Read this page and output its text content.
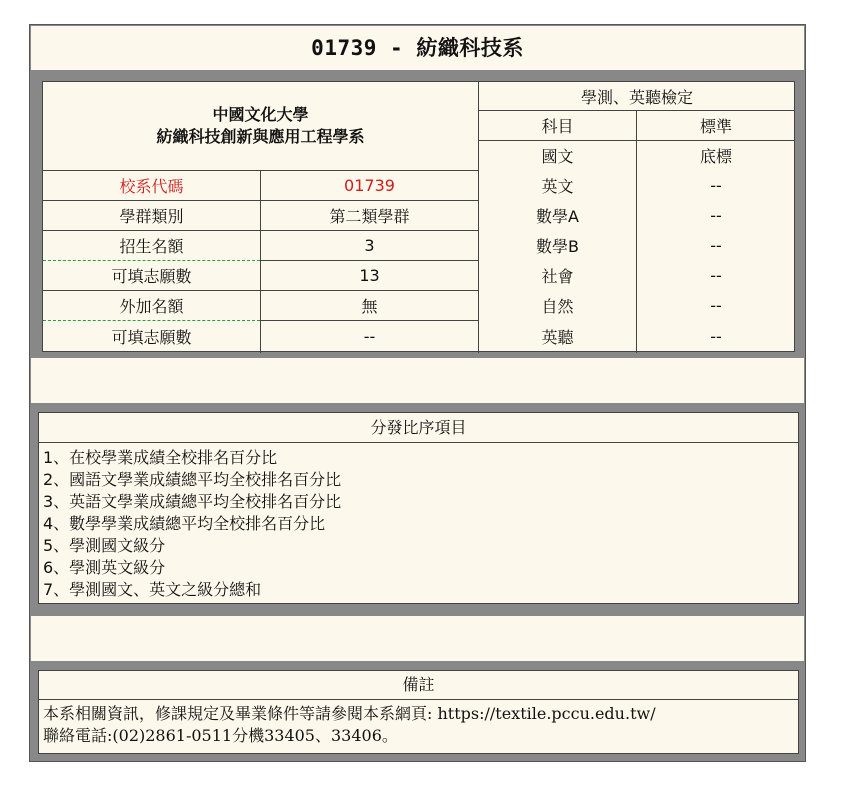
01739 - 紡織科技系
中國文化大學
紡織科技創新與應用工程學系
校系代碼	01739
學群類別	第二類學群
招生名額	3
可填志願數	13
外加名額	無
可填志願數	--
學測、英聽檢定
科目	標準
國文	底標
英文	--
數學A	--
數學B	--
社會	--
自然	--
英聽	--
分發比序項目
1、在校學業成績全校排名百分比
2、國語文學業成績總平均全校排名百分比
3、英語文學業成績總平均全校排名百分比
4、數學學業成績總平均全校排名百分比
5、學測國文級分
6、學測英文級分
7、學測國文、英文之級分總和
備註
本系相關資訊，修課規定及畢業條件等請參閱本系網頁: https://textile.pccu.edu.tw/
聯絡電話:(02)2861-0511分機33405、33406。
